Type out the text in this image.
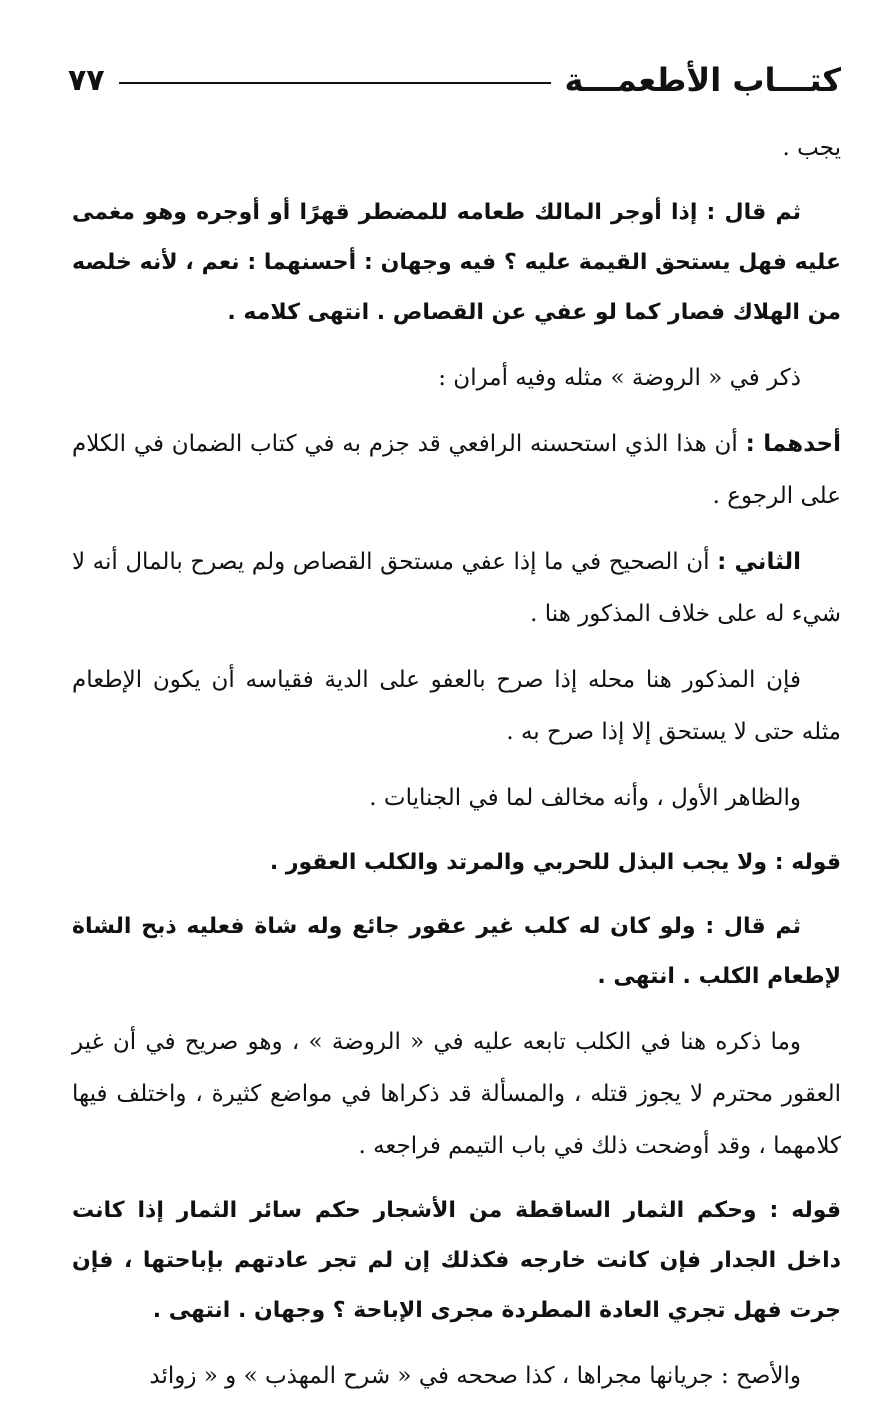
كتـــاب الأطعمـــة
٧٧

يجب .

ثم قال : إذا أوجر المالك طعامه للمضطر قهرًا أو أوجره وهو مغمى عليه فهل يستحق القيمة عليه ؟ فيه وجهان : أحسنهما : نعم ، لأنه خلصه من الهلاك فصار كما لو عفي عن القصاص . انتهى كلامه .

ذكر في « الروضة » مثله وفيه أمران :

أحدهما : أن هذا الذي استحسنه الرافعي قد جزم به في كتاب الضمان في الكلام على الرجوع .

الثاني : أن الصحيح في ما إذا عفي مستحق القصاص ولم يصرح بالمال أنه لا شيء له على خلاف المذكور هنا .

فإن المذكور هنا محله إذا صرح بالعفو على الدية فقياسه أن يكون الإطعام مثله حتى لا يستحق إلا إذا صرح به .

والظاهر الأول ، وأنه مخالف لما في الجنايات .

قوله : ولا يجب البذل للحربي والمرتد والكلب العقور .

ثم قال : ولو كان له كلب غير عقور جائع وله شاة فعليه ذبح الشاة لإطعام الكلب . انتهى .

وما ذكره هنا في الكلب تابعه عليه في « الروضة » ، وهو صريح في أن غير العقور محترم لا يجوز قتله ، والمسألة قد ذكراها في مواضع كثيرة ، واختلف فيها كلامهما ، وقد أوضحت ذلك في باب التيمم فراجعه .

قوله : وحكم الثمار الساقطة من الأشجار حكم سائر الثمار إذا كانت داخل الجدار فإن كانت خارجه فكذلك إن لم تجر عادتهم بإباحتها ، فإن جرت فهل تجري العادة المطردة مجرى الإباحة ؟ وجهان . انتهى .

والأصح : جريانها مجراها ، كذا صححه في « شرح المهذب » و « زوائد
